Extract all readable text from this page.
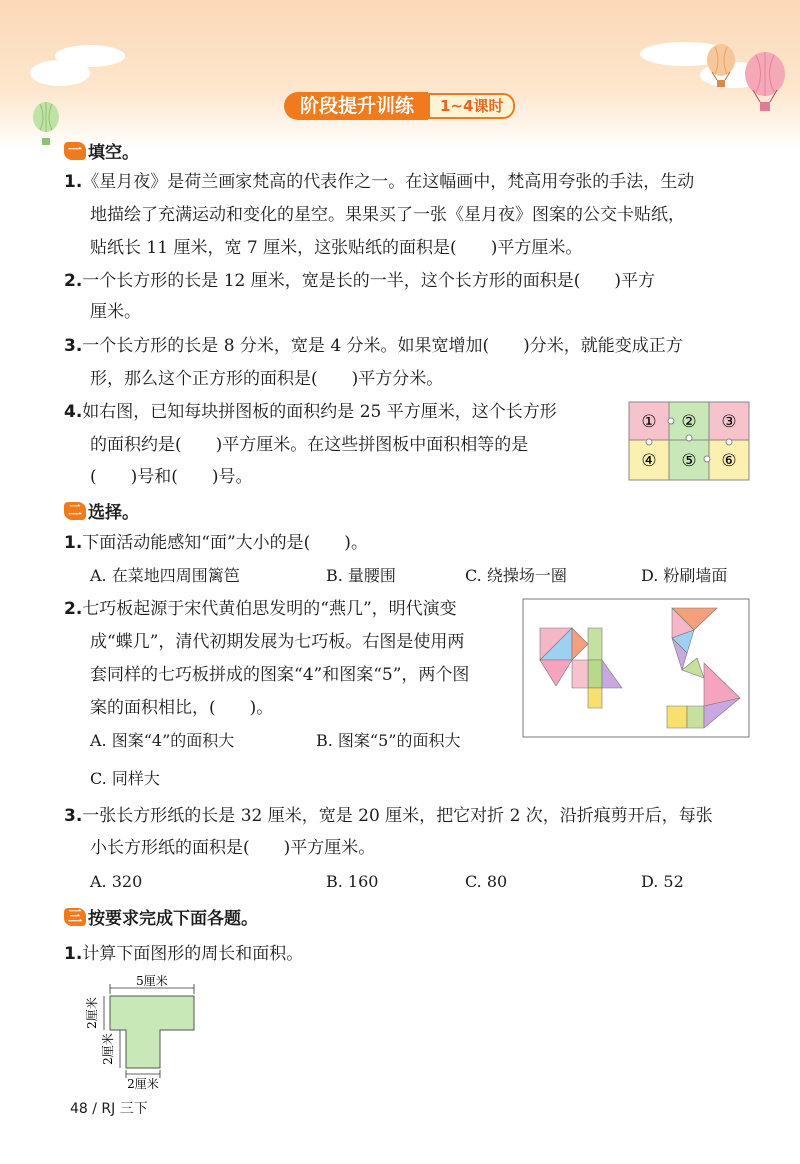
阶段提升训练	1~4课时
一 填空。
1.《星月夜》是荷兰画家梵高的代表作之一。在这幅画中，梵高用夸张的手法，生动
地描绘了充满运动和变化的星空。果果买了一张《星月夜》图案的公交卡贴纸，
贴纸长 11 厘米，宽 7 厘米，这张贴纸的面积是(　　)平方厘米。
2.一个长方形的长是 12 厘米，宽是长的一半，这个长方形的面积是(　　)平方
厘米。
3.一个长方形的长是 8 分米，宽是 4 分米。如果宽增加(　　)分米，就能变成正方
形，那么这个正方形的面积是(　　)平方分米。
4.如右图，已知每块拼图板的面积约是 25 平方厘米，这个长方形
的面积约是(　　)平方厘米。在这些拼图板中面积相等的是
(　　)号和(　　)号。
① ② ③
④ ⑤ ⑥
二 选择。
1.下面活动能感知“面”大小的是(　　)。
A. 在菜地四周围篱笆	B. 量腰围	C. 绕操场一圈	D. 粉刷墙面
2.七巧板起源于宋代黄伯思发明的“燕几”，明代演变
成“蝶几”，清代初期发展为七巧板。右图是使用两
套同样的七巧板拼成的图案“4”和图案“5”，两个图
案的面积相比，(　　)。
A. 图案“4”的面积大	B. 图案“5”的面积大
C. 同样大
3.一张长方形纸的长是 32 厘米，宽是 20 厘米，把它对折 2 次，沿折痕剪开后，每张
小长方形纸的面积是(　　)平方厘米。
A. 320	B. 160	C. 80	D. 52
三 按要求完成下面各题。
1.计算下面图形的周长和面积。
5厘米
2厘米
2厘米
2厘米
48 / RJ 三下
